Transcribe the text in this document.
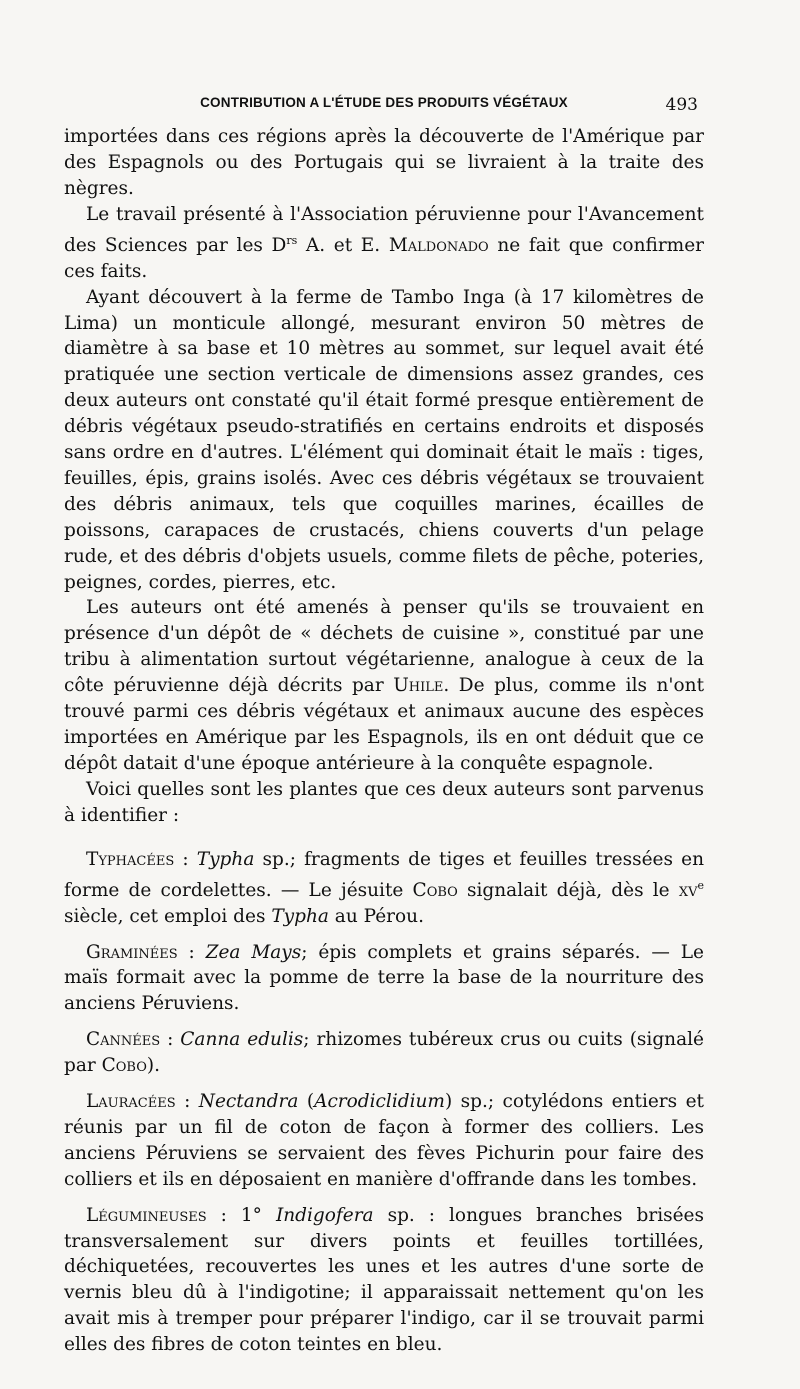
CONTRIBUTION A L'ÉTUDE DES PRODUITS VÉGÉTAUX	493

importées dans ces régions après la découverte de l'Amérique par des Espagnols ou des Portugais qui se livraient à la traite des nègres.

Le travail présenté à l'Association péruvienne pour l'Avancement des Sciences par les $D^{rs}$ A. et E. Maldonado ne fait que confirmer ces faits.

Ayant découvert à la ferme de Tambo Inga (à 17 kilomètres de Lima) un monticule allongé, mesurant environ 50 mètres de diamètre à sa base et 10 mètres au sommet, sur lequel avait été pratiquée une section verticale de dimensions assez grandes, ces deux auteurs ont constaté qu'il était formé presque entièrement de débris végétaux pseudo-stratifiés en certains endroits et disposés sans ordre en d'autres. L'élément qui dominait était le maïs : tiges, feuilles, épis, grains isolés. Avec ces débris végétaux se trouvaient des débris animaux, tels que coquilles marines, écailles de poissons, carapaces de crustacés, chiens couverts d'un pelage rude, et des débris d'objets usuels, comme filets de pêche, poteries, peignes, cordes, pierres, etc.

Les auteurs ont été amenés à penser qu'ils se trouvaient en présence d'un dépôt de « déchets de cuisine », constitué par une tribu à alimentation surtout végétarienne, analogue à ceux de la côte péruvienne déjà décrits par Uhile. De plus, comme ils n'ont trouvé parmi ces débris végétaux et animaux aucune des espèces importées en Amérique par les Espagnols, ils en ont déduit que ce dépôt datait d'une époque antérieure à la conquête espagnole.

Voici quelles sont les plantes que ces deux auteurs sont parvenus à identifier :

Typhacées : Typha sp.; fragments de tiges et feuilles tressées en forme de cordelettes. — Le jésuite Cobo signalait déjà, dès le $xv^e$ siècle, cet emploi des Typha au Pérou.

Graminées : Zea Mays; épis complets et grains séparés. — Le maïs formait avec la pomme de terre la base de la nourriture des anciens Péruviens.

Cannées : Canna edulis; rhizomes tubéreux crus ou cuits (signalé par Cobo).

Lauracées : Nectandra (Acrodiclidium) sp.; cotylédons entiers et réunis par un fil de coton de façon à former des colliers. Les anciens Péruviens se servaient des fèves Pichurin pour faire des colliers et ils en déposaient en manière d'offrande dans les tombes.

Légumineuses : 1° Indigofera sp. : longues branches brisées transversalement sur divers points et feuilles tortillées, déchiquetées, recouvertes les unes et les autres d'une sorte de vernis bleu dû à l'indigotine; il apparaissait nettement qu'on les avait mis à tremper pour préparer l'indigo, car il se trouvait parmi elles des fibres de coton teintes en bleu.
